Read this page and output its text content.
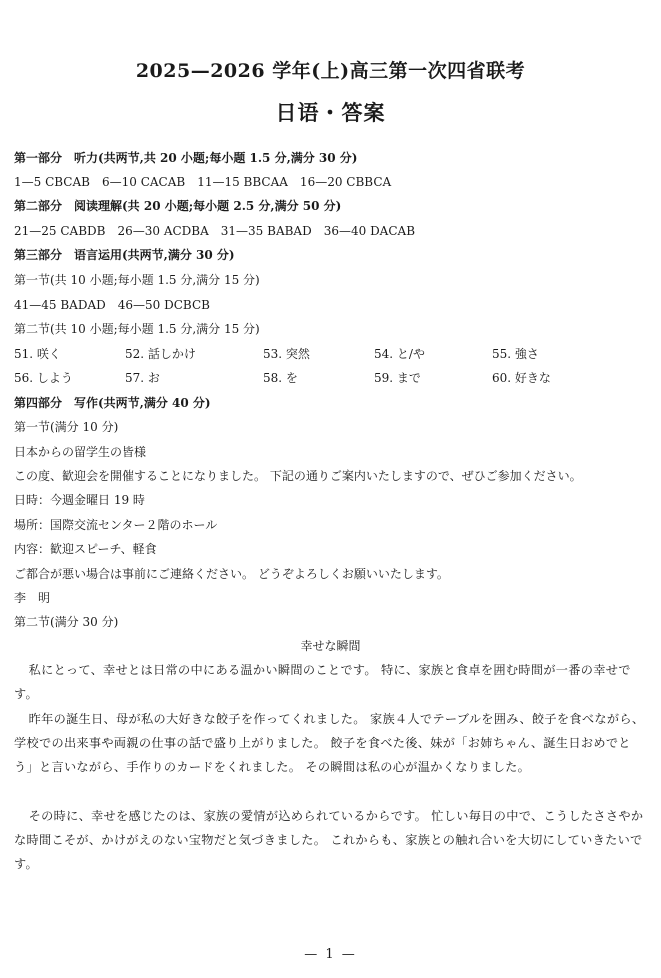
2025—2026 学年(上)高三第一次四省联考
日语・答案
第一部分　听力(共两节,共 20 小题;每小题 1.5 分,满分 30 分)
1—5 CBCAB　6—10 CACAB　11—15 BBCAA　16—20 CBBCA
第二部分　阅读理解(共 20 小题;每小题 2.5 分,满分 50 分)
21—25 CABDB　26—30 ACDBA　31—35 BABAD　36—40 DACAB
第三部分　语言运用(共两节,满分 30 分)
第一节(共 10 小题;每小题 1.5 分,满分 15 分)
41—45 BADAD　46—50 DCBCB
第二节(共 10 小题;每小题 1.5 分,满分 15 分)
51. 咲く	52. 話しかけ	53. 突然	54. と/や	55. 強さ
56. しよう	57. お	58. を	59. まで	60. 好きな
第四部分　写作(共两节,满分 40 分)
第一节(满分 10 分)
日本からの留学生の皆様
この度、歓迎会を開催することになりました。 下記の通りご案内いたしますので、ぜひご参加ください。
日時：今週金曜日 19 時
場所：国際交流センター２階のホール
内容：歓迎スピーチ、軽食
ご都合が悪い場合は事前にご連絡ください。 どうぞよろしくお願いいたします。
李　明
第二节(满分 30 分)
幸せな瞬間
私にとって、幸せとは日常の中にある温かい瞬間のことです。 特に、家族と食卓を囲む時間が一番の幸せです。
昨年の誕生日、母が私の大好きな餃子を作ってくれました。 家族４人でテーブルを囲み、餃子を食べながら、学校での出来事や両親の仕事の話で盛り上がりました。 餃子を食べた後、妹が「お姉ちゃん、誕生日おめでとう」と言いながら、手作りのカードをくれました。 その瞬間は私の心が温かくなりました。
その時に、幸せを感じたのは、家族の愛情が込められているからです。 忙しい毎日の中で、こうしたささやかな時間こそが、かけがえのない宝物だと気づきました。 これからも、家族との触れ合いを大切にしていきたいです。
— 1 —
